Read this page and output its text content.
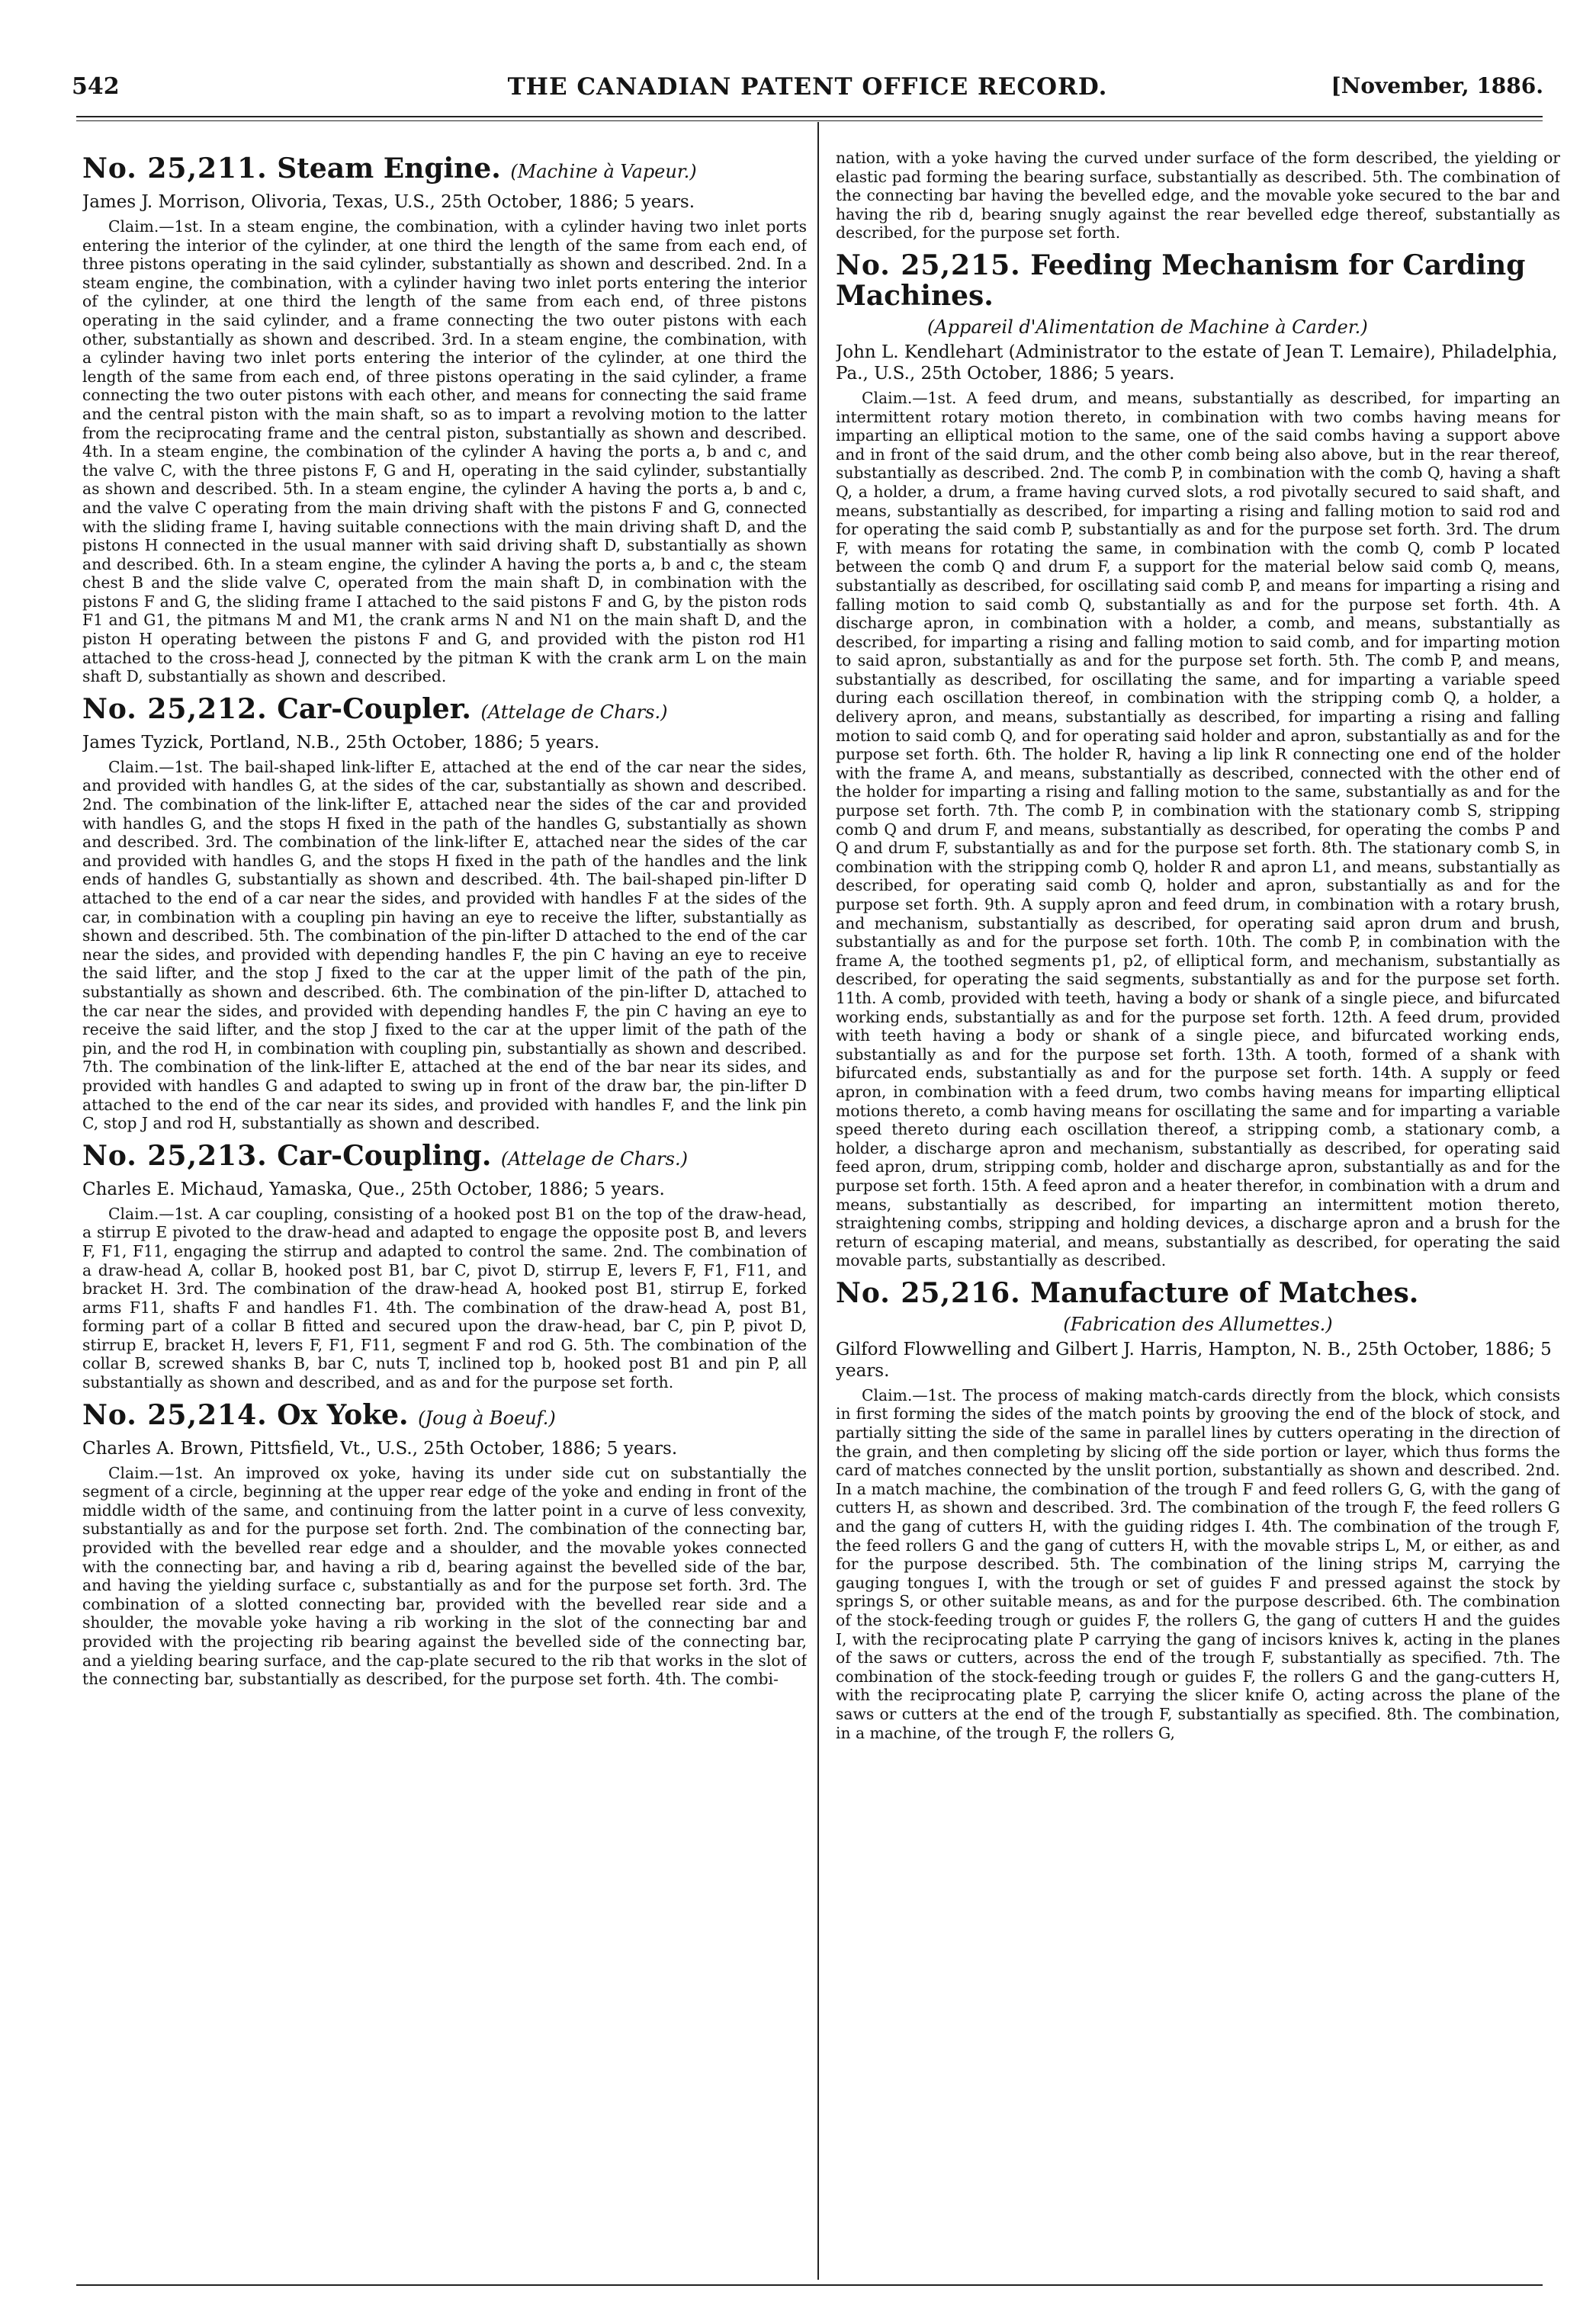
542	THE CANADIAN PATENT OFFICE RECORD.	[November, 1886.
No. 25,211. Steam Engine. (Machine à Vapeur.)
James J. Morrison, Olivoria, Texas, U.S., 25th October, 1886; 5 years.

Claim.—1st. In a steam engine, the combination, with a cylinder having two inlet ports entering the interior of the cylinder, at one third the length of the same from each end, of three pistons operating in the said cylinder, substantially as shown and described. 2nd. In a steam engine, the combination, with a cylinder having two inlet ports entering the interior of the cylinder, at one third the length of the same from each end, of three pistons operating in the said cylinder, and a frame connecting the two outer pistons with each other, substantially as shown and described. 3rd. In a steam engine, the combination, with a cylinder having two inlet ports entering the interior of the cylinder, at one third the length of the same from each end, of three pistons operating in the said cylinder, a frame connecting the two outer pistons with each other, and means for connecting the said frame and the central piston with the main shaft, so as to impart a revolving motion to the latter from the reciprocating frame and the central piston, substantially as shown and described. 4th. In a steam engine, the combination of the cylinder A having the ports a, b and c, and the valve C, with the three pistons F, G and H, operating in the said cylinder, substantially as shown and described. 5th. In a steam engine, the cylinder A having the ports a, b and c, and the valve C operating from the main driving shaft with the pistons F and G, connected with the sliding frame I, having suitable connections with the main driving shaft D, and the pistons H connected in the usual manner with said driving shaft D, substantially as shown and described. 6th. In a steam engine, the cylinder A having the ports a, b and c, the steam chest B and the slide valve C, operated from the main shaft D, in combination with the pistons F and G, the sliding frame I attached to the said pistons F and G, by the piston rods F1 and G1, the pitmans M and M1, the crank arms N and N1 on the main shaft D, and the piston H operating between the pistons F and G, and provided with the piston rod H1 attached to the cross-head J, connected by the pitman K with the crank arm L on the main shaft D, substantially as shown and described.

No. 25,212. Car-Coupler. (Attelage de Chars.)
James Tyzick, Portland, N.B., 25th October, 1886; 5 years.

Claim.—1st. The bail-shaped link-lifter E, attached at the end of the car near the sides, and provided with handles G, at the sides of the car, substantially as shown and described. 2nd. The combination of the link-lifter E, attached near the sides of the car and provided with handles G, and the stops H fixed in the path of the handles G, substantially as shown and described. 3rd. The combination of the link-lifter E, attached near the sides of the car and provided with handles G, and the stops H fixed in the path of the handles and the link ends of handles G, substantially as shown and described. 4th. The bail-shaped pin-lifter D attached to the end of a car near the sides, and provided with handles F at the sides of the car, in combination with a coupling pin having an eye to receive the lifter, substantially as shown and described. 5th. The combination of the pin-lifter D attached to the end of the car near the sides, and provided with depending handles F, the pin C having an eye to receive the said lifter, and the stop J fixed to the car at the upper limit of the path of the pin, substantially as shown and described. 6th. The combination of the pin-lifter D, attached to the car near the sides, and provided with depending handles F, the pin C having an eye to receive the said lifter, and the stop J fixed to the car at the upper limit of the path of the pin, and the rod H, in combination with coupling pin, substantially as shown and described. 7th. The combination of the link-lifter E, attached at the end of the bar near its sides, and provided with handles G and adapted to swing up in front of the draw bar, the pin-lifter D attached to the end of the car near its sides, and provided with handles F, and the link pin C, stop J and rod H, substantially as shown and described.

No. 25,213. Car-Coupling. (Attelage de Chars.)
Charles E. Michaud, Yamaska, Que., 25th October, 1886; 5 years.

Claim.—1st. A car coupling, consisting of a hooked post B1 on the top of the draw-head, a stirrup E pivoted to the draw-head and adapted to engage the opposite post B, and levers F, F1, F11, engaging the stirrup and adapted to control the same. 2nd. The combination of a draw-head A, collar B, hooked post B1, bar C, pivot D, stirrup E, levers F, F1, F11, and bracket H. 3rd. The combination of the draw-head A, hooked post B1, stirrup E, forked arms F11, shafts F and handles F1. 4th. The combination of the draw-head A, post B1, forming part of a collar B fitted and secured upon the draw-head, bar C, pin P, pivot D, stirrup E, bracket H, levers F, F1, F11, segment F and rod G. 5th. The combination of the collar B, screwed shanks B, bar C, nuts T, inclined top b, hooked post B1 and pin P, all substantially as shown and described, and as and for the purpose set forth.

No. 25,214. Ox Yoke. (Joug à Boeuf.)
Charles A. Brown, Pittsfield, Vt., U.S., 25th October, 1886; 5 years.

Claim.—1st. An improved ox yoke, having its under side cut on substantially the segment of a circle, beginning at the upper rear edge of the yoke and ending in front of the middle width of the same, and continuing from the latter point in a curve of less convexity, substantially as and for the purpose set forth. 2nd. The combination of the connecting bar, provided with the bevelled rear edge and a shoulder, and the movable yokes connected with the connecting bar, and having a rib d, bearing against the bevelled side of the bar, and having the yielding surface c, substantially as and for the purpose set forth. 3rd. The combination of a slotted connecting bar, provided with the bevelled rear side and a shoulder, the movable yoke having a rib working in the slot of the connecting bar and provided with the projecting rib bearing against the bevelled side of the connecting bar, and a yielding bearing surface, and the cap-plate secured to the rib that works in the slot of the connecting bar, substantially as described, for the purpose set forth. 4th. The combi-

nation, with a yoke having the curved under surface of the form described, the yielding or elastic pad forming the bearing surface, substantially as described. 5th. The combination of the connecting bar having the bevelled edge, and the movable yoke secured to the bar and having the rib d, bearing snugly against the rear bevelled edge thereof, substantially as described, for the purpose set forth.

No. 25,215. Feeding Mechanism for Carding Machines.
(Appareil d'Alimentation de Machine à Carder.)
John L. Kendlehart (Administrator to the estate of Jean T. Lemaire), Philadelphia, Pa., U.S., 25th October, 1886; 5 years.

Claim.—1st. A feed drum, and means, substantially as described, for imparting an intermittent rotary motion thereto, in combination with two combs having means for imparting an elliptical motion to the same, one of the said combs having a support above and in front of the said drum, and the other comb being also above, but in the rear thereof, substantially as described. 2nd. The comb P, in combination with the comb Q, having a shaft Q, a holder, a drum, a frame having curved slots, a rod pivotally secured to said shaft, and means, substantially as described, for imparting a rising and falling motion to said rod and for operating the said comb P, substantially as and for the purpose set forth. 3rd. The drum F, with means for rotating the same, in combination with the comb Q, comb P located between the comb Q and drum F, a support for the material below said comb Q, means, substantially as described, for oscillating said comb P, and means for imparting a rising and falling motion to said comb Q, substantially as and for the purpose set forth. 4th. A discharge apron, in combination with a holder, a comb, and means, substantially as described, for imparting a rising and falling motion to said comb, and for imparting motion to said apron, substantially as and for the purpose set forth. 5th. The comb P, and means, substantially as described, for oscillating the same, and for imparting a variable speed during each oscillation thereof, in combination with the stripping comb Q, a holder, a delivery apron, and means, substantially as described, for imparting a rising and falling motion to said comb Q, and for operating said holder and apron, substantially as and for the purpose set forth. 6th. The holder R, having a lip link R connecting one end of the holder with the frame A, and means, substantially as described, connected with the other end of the holder for imparting a rising and falling motion to the same, substantially as and for the purpose set forth. 7th. The comb P, in combination with the stationary comb S, stripping comb Q and drum F, and means, substantially as described, for operating the combs P and Q and drum F, substantially as and for the purpose set forth. 8th. The stationary comb S, in combination with the stripping comb Q, holder R and apron L1, and means, substantially as described, for operating said comb Q, holder and apron, substantially as and for the purpose set forth. 9th. A supply apron and feed drum, in combination with a rotary brush, and mechanism, substantially as described, for operating said apron drum and brush, substantially as and for the purpose set forth. 10th. The comb P, in combination with the frame A, the toothed segments p1, p2, of elliptical form, and mechanism, substantially as described, for operating the said segments, substantially as and for the purpose set forth. 11th. A comb, provided with teeth, having a body or shank of a single piece, and bifurcated working ends, substantially as and for the purpose set forth. 12th. A feed drum, provided with teeth having a body or shank of a single piece, and bifurcated working ends, substantially as and for the purpose set forth. 13th. A tooth, formed of a shank with bifurcated ends, substantially as and for the purpose set forth. 14th. A supply or feed apron, in combination with a feed drum, two combs having means for imparting elliptical motions thereto, a comb having means for oscillating the same and for imparting a variable speed thereto during each oscillation thereof, a stripping comb, a stationary comb, a holder, a discharge apron and mechanism, substantially as described, for operating said feed apron, drum, stripping comb, holder and discharge apron, substantially as and for the purpose set forth. 15th. A feed apron and a heater therefor, in combination with a drum and means, substantially as described, for imparting an intermittent motion thereto, straightening combs, stripping and holding devices, a discharge apron and a brush for the return of escaping material, and means, substantially as described, for operating the said movable parts, substantially as described.

No. 25,216. Manufacture of Matches.
(Fabrication des Allumettes.)
Gilford Flowwelling and Gilbert J. Harris, Hampton, N. B., 25th October, 1886; 5 years.

Claim.—1st. The process of making match-cards directly from the block, which consists in first forming the sides of the match points by grooving the end of the block of stock, and partially sitting the side of the same in parallel lines by cutters operating in the direction of the grain, and then completing by slicing off the side portion or layer, which thus forms the card of matches connected by the unslit portion, substantially as shown and described. 2nd. In a match machine, the combination of the trough F and feed rollers G, G, with the gang of cutters H, as shown and described. 3rd. The combination of the trough F, the feed rollers G and the gang of cutters H, with the guiding ridges I. 4th. The combination of the trough F, the feed rollers G and the gang of cutters H, with the movable strips L, M, or either, as and for the purpose described. 5th. The combination of the lining strips M, carrying the gauging tongues I, with the trough or set of guides F and pressed against the stock by springs S, or other suitable means, as and for the purpose described. 6th. The combination of the stock-feeding trough or guides F, the rollers G, the gang of cutters H and the guides I, with the reciprocating plate P carrying the gang of incisors knives k, acting in the planes of the saws or cutters, across the end of the trough F, substantially as specified. 7th. The combination of the stock-feeding trough or guides F, the rollers G and the gang-cutters H, with the reciprocating plate P, carrying the slicer knife O, acting across the plane of the saws or cutters at the end of the trough F, substantially as specified. 8th. The combination, in a machine, of the trough F, the rollers G,
